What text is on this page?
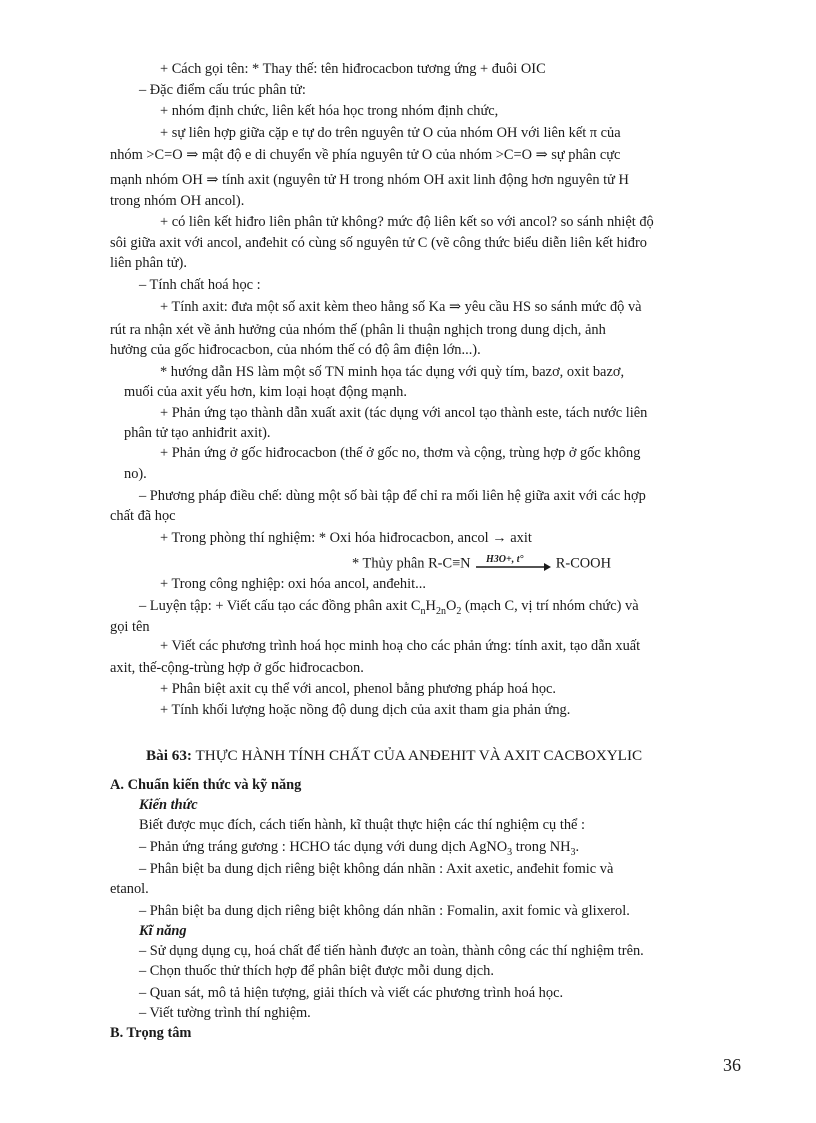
+ Cách gọi tên: * Thay thế: tên hiđrocacbon tương ứng + đuôi OIC
– Đặc điểm cấu trúc phân tử:
+ nhóm định chức, liên kết hóa học trong nhóm định chức,
+ sự liên hợp giữa cặp e tự do trên nguyên tử O của nhóm OH với liên kết π của
nhóm >C=O ⇒ mật độ e di chuyển về phía nguyên tử O của nhóm >C=O ⇒ sự phân cực
mạnh nhóm OH ⇒ tính axit (nguyên tử H trong nhóm OH axit linh động hơn nguyên tử H
trong nhóm OH ancol).
+ có liên kết hiđro liên phân tử không? mức độ liên kết so với ancol? so sánh nhiệt độ
sôi giữa axit với ancol, anđehit có cùng số nguyên tử C (vẽ công thức biểu diễn liên kết hiđro
liên phân tử).
– Tính chất hoá học :
+ Tính axit: đưa một số axit kèm theo hằng số Ka ⇒ yêu cầu HS so sánh mức độ và
rút ra nhận xét về ảnh hưởng của nhóm thế (phân li thuận nghịch trong dung dịch, ảnh
hưởng của gốc hiđrocacbon, của nhóm thế có độ âm điện lớn...).
* hướng dẫn HS làm một số TN minh họa tác dụng với quỳ tím, bazơ, oxit bazơ,
muối của axit yếu hơn, kim loại hoạt động mạnh.
+ Phản ứng tạo thành dẫn xuất axit (tác dụng với ancol tạo thành este, tách nước liên
phân tử tạo anhiđrit axit).
+ Phản ứng ở gốc hiđrocacbon (thế ở gốc no, thơm và cộng, trùng hợp ở gốc không
no).
– Phương pháp điều chế: dùng một số bài tập để chỉ ra mối liên hệ giữa axit với các hợp
chất đã học
+ Trong phòng thí nghiệm: * Oxi hóa hiđrocacbon, ancol → axit
* Thủy phân R-C≡N H3O+, t° R-COOH
+ Trong công nghiệp: oxi hóa ancol, anđehit...
– Luyện tập: + Viết cấu tạo các đồng phân axit $C_nH_{2n}O_2$ (mạch C, vị trí nhóm chức) và
gọi tên
+ Viết các phương trình hoá học minh hoạ cho các phản ứng: tính axit, tạo dẫn xuất
axit, thế-cộng-trùng hợp ở gốc hiđrocacbon.
+ Phân biệt axit cụ thể với ancol, phenol bằng phương pháp hoá học.
+ Tính khối lượng hoặc nồng độ dung dịch của axit tham gia phản ứng.
Bài 63: THỰC HÀNH TÍNH CHẤT CỦA ANĐEHIT VÀ AXIT CACBOXYLIC
A. Chuẩn kiến thức và kỹ năng
Kiến thức
Biết được mục đích, cách tiến hành, kĩ thuật thực hiện các thí nghiệm cụ thể :
– Phản ứng tráng gương : HCHO tác dụng với dung dịch AgNO$_3$ trong $NH_3$.
– Phân biệt ba dung dịch riêng biệt không dán nhãn : Axit axetic, anđehit fomic và
etanol.
– Phân biệt ba dung dịch riêng biệt không dán nhãn : Fomalin, axit fomic và glixerol.
Kĩ năng
– Sử dụng dụng cụ, hoá chất để tiến hành được an toàn, thành công các thí nghiệm trên.
– Chọn thuốc thử thích hợp để phân biệt được mỗi dung dịch.
– Quan sát, mô tả hiện tượng, giải thích và viết các phương trình hoá học.
– Viết tường trình thí nghiệm.
B. Trọng tâm
36
